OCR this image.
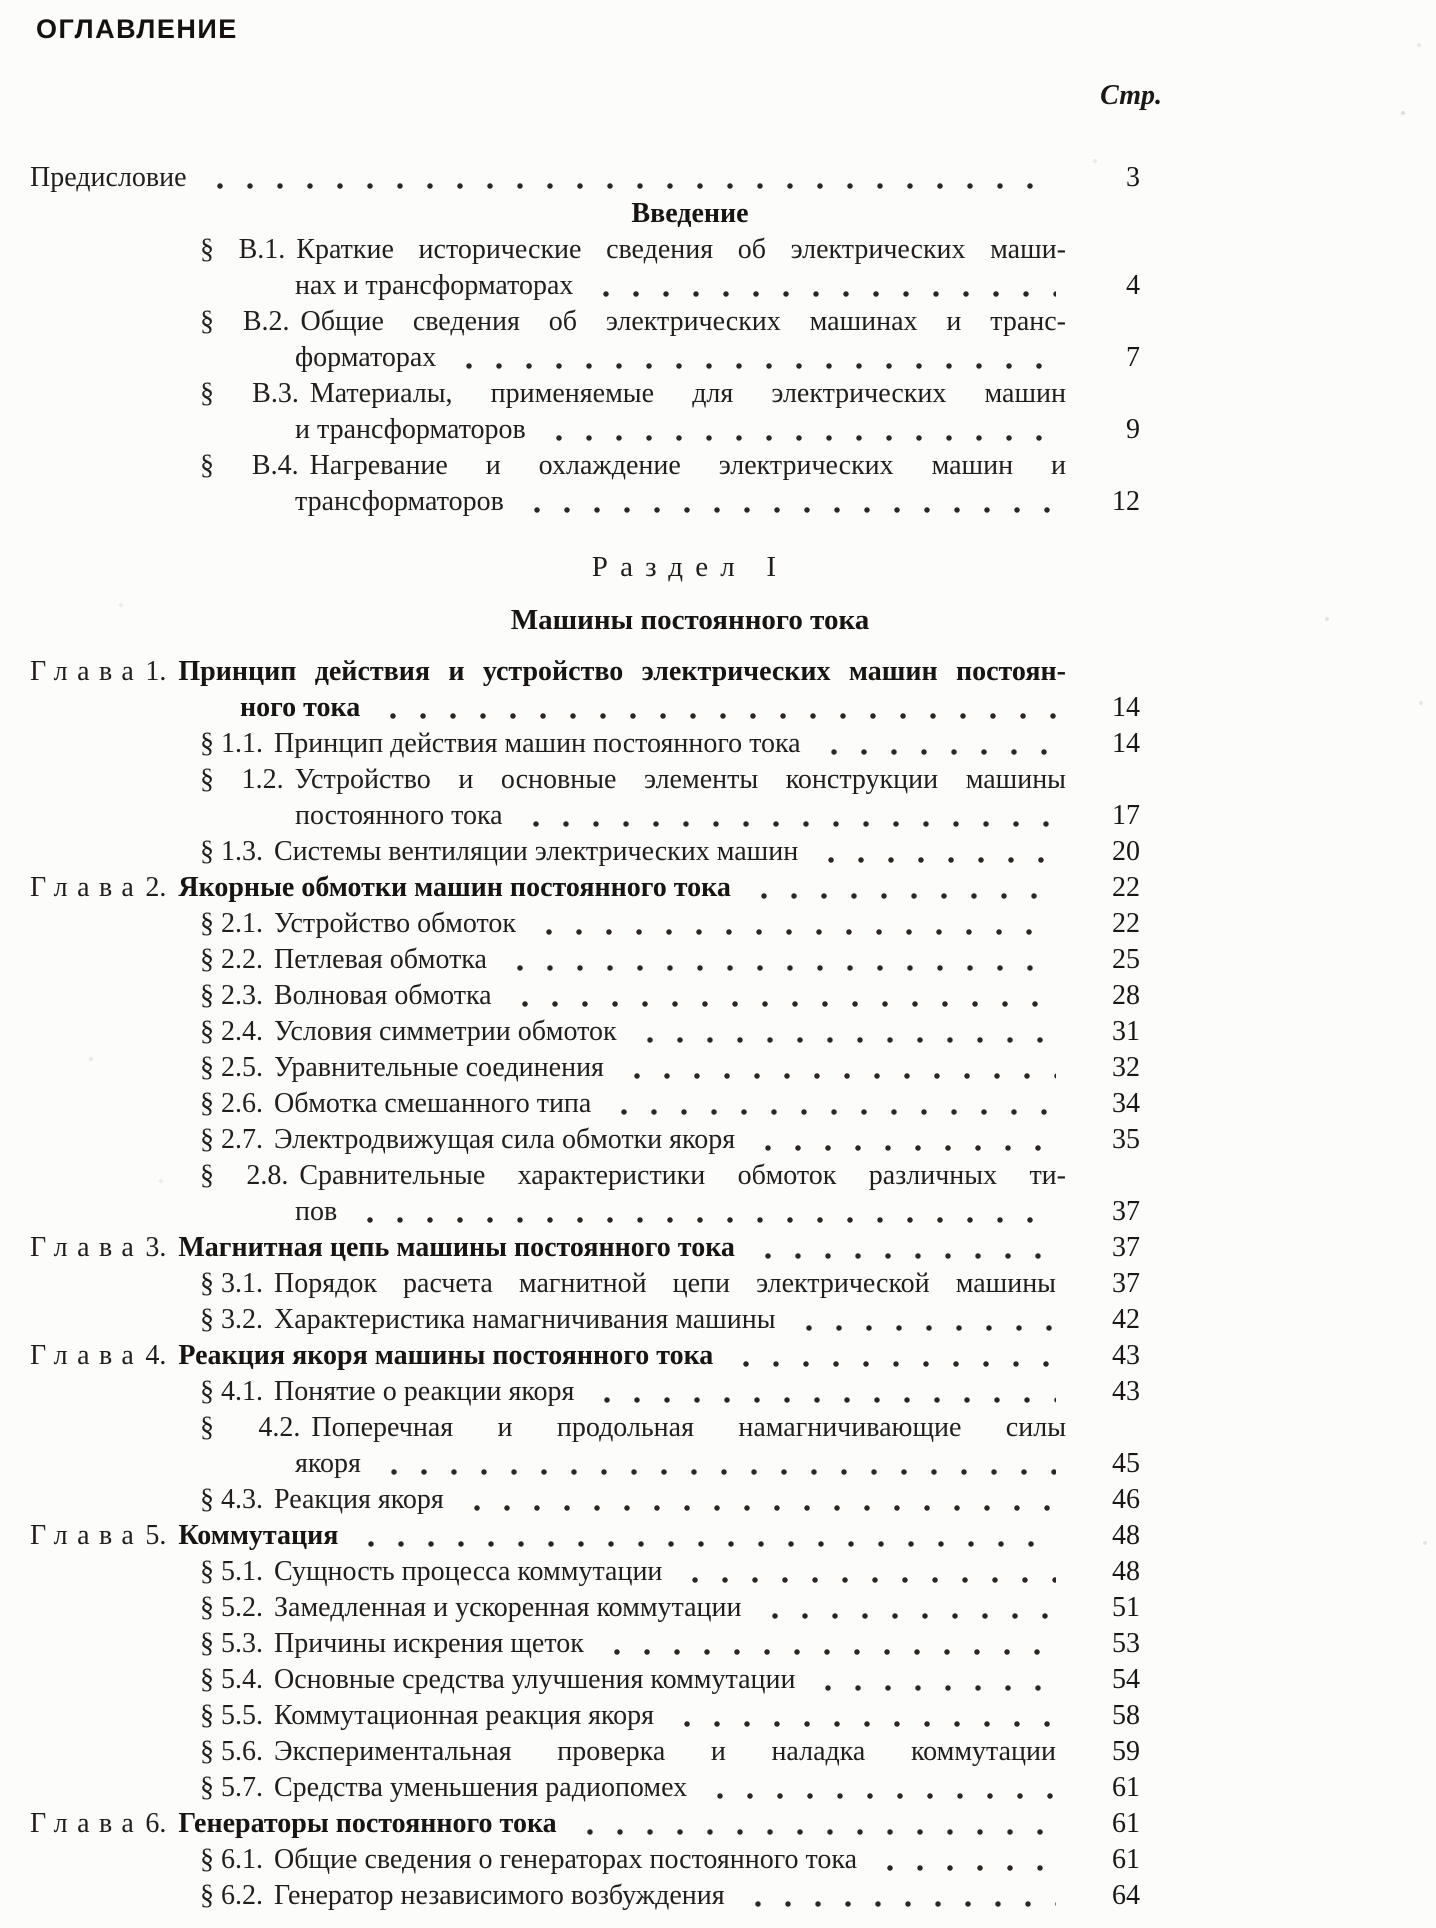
ОГЛАВЛЕНИЕ
Стр.
Предисловие	3
Введение
§ В.1. Краткие исторические сведения об электрических маши-
нах и трансформаторах	4
§ В.2. Общие сведения об электрических машинах и транс-
форматорах	7
§ В.3. Материалы, применяемые для электрических машин
и трансформаторов	9
§ В.4. Нагревание и охлаждение электрических машин и
трансформаторов	12
Раздел I
Машины постоянного тока
Глава1. Принцип действия и устройство электрических машин постоян-
ного тока	14
§ 1.1. Принцип действия машин постоянного тока	14
§ 1.2. Устройство и основные элементы конструкции машины
постоянного тока	17
§ 1.3. Системы вентиляции электрических машин	20
Глава2. Якорные обмотки машин постоянного тока	22
§ 2.1. Устройство обмоток	22
§ 2.2. Петлевая обмотка	25
§ 2.3. Волновая обмотка	28
§ 2.4. Условия симметрии обмоток	31
§ 2.5. Уравнительные соединения	32
§ 2.6. Обмотка смешанного типа	34
§ 2.7. Электродвижущая сила обмотки якоря	35
§ 2.8. Сравнительные характеристики обмоток различных ти-
пов	37
Глава3. Магнитная цепь машины постоянного тока	37
§ 3.1. Порядок расчета магнитной цепи электрической машины	37
§ 3.2. Характеристика намагничивания машины	42
Глава4. Реакция якоря машины постоянного тока	43
§ 4.1. Понятие о реакции якоря	43
§ 4.2. Поперечная и продольная намагничивающие силы
якоря	45
§ 4.3. Реакция якоря	46
Глава5. Коммутация	48
§ 5.1. Сущность процесса коммутации	48
§ 5.2. Замедленная и ускоренная коммутации	51
§ 5.3. Причины искрения щеток	53
§ 5.4. Основные средства улучшения коммутации	54
§ 5.5. Коммутационная реакция якоря	58
§ 5.6. Экспериментальная проверка и наладка коммутации	59
§ 5.7. Средства уменьшения радиопомех	61
Глава6. Генераторы постоянного тока	61
§ 6.1. Общие сведения о генераторах постоянного тока	61
§ 6.2. Генератор независимого возбуждения	64
